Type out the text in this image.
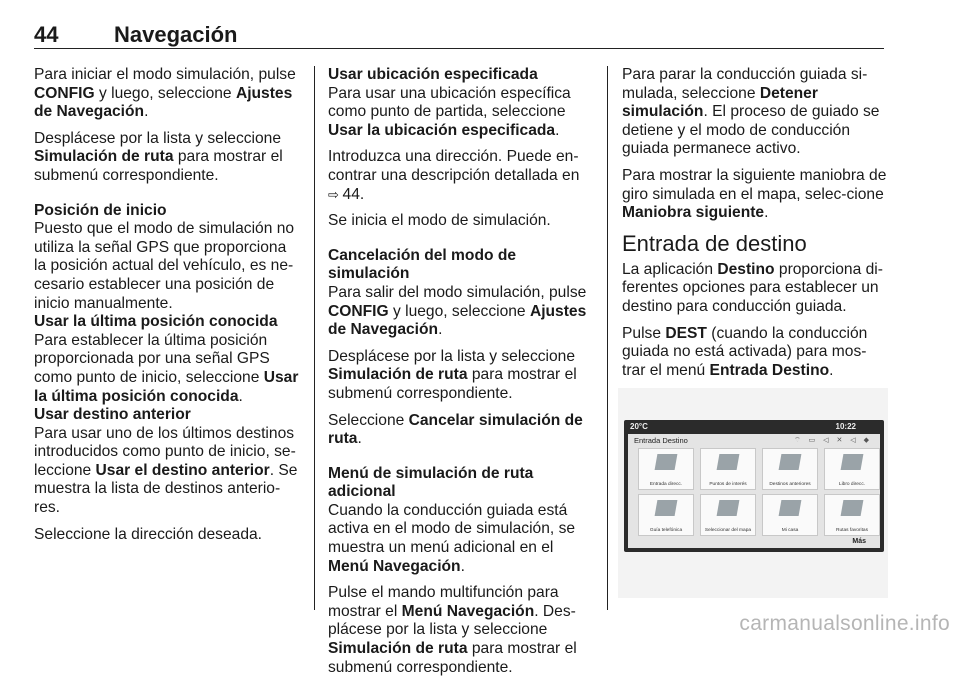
44	Navegación

Para iniciar el modo simulación, pulse CONFIG y luego, seleccione Ajustes de Navegación.

Desplácese por la lista y seleccione Simulación de ruta para mostrar el submenú correspondiente.

Posición de inicio

Puesto que el modo de simulación no utiliza la señal GPS que proporciona la posición actual del vehículo, es ne-cesario establecer una posición de inicio manualmente.

Usar la última posición conocida

Para establecer la última posición proporcionada por una señal GPS como punto de inicio, seleccione Usar la última posición conocida.

Usar destino anterior

Para usar uno de los últimos destinos introducidos como punto de inicio, se-leccione Usar el destino anterior. Se muestra la lista de destinos anterio-res.

Seleccione la dirección deseada.

Usar ubicación especificada

Para usar una ubicación específica como punto de partida, seleccione Usar la ubicación especificada.

Introduzca una dirección. Puede en-contrar una descripción detallada en ⇨ 44.

Se inicia el modo de simulación.

Cancelación del modo de simulación

Para salir del modo simulación, pulse CONFIG y luego, seleccione Ajustes de Navegación.

Desplácese por la lista y seleccione Simulación de ruta para mostrar el submenú correspondiente.

Seleccione Cancelar simulación de ruta.

Menú de simulación de ruta adicional

Cuando la conducción guiada está activa en el modo de simulación, se muestra un menú adicional en el Menú Navegación.

Pulse el mando multifunción para mostrar el Menú Navegación. Des-plácese por la lista y seleccione Simulación de ruta para mostrar el submenú correspondiente.

Para parar la conducción guiada si-mulada, seleccione Detener simulación. El proceso de guiado se detiene y el modo de conducción guiada permanece activo.

Para mostrar la siguiente maniobra de giro simulada en el mapa, selec-cione Maniobra siguiente.

Entrada de destino

La aplicación Destino proporciona di-ferentes opciones para establecer un destino para conducción guiada.

Pulse DEST (cuando la conducción guiada no está activada) para mos-trar el menú Entrada Destino.

20°C	10:22
Entrada Destino	⌔ ▭ ◁ ✕ ◁ ◆
Entrada direcc.	Puntos de interés	Destinos anteriores	Libro direcc.
Guía telefónica	Seleccionar del mapa	Mi casa	Rutas favoritas
Más
carmanualsonline.info
